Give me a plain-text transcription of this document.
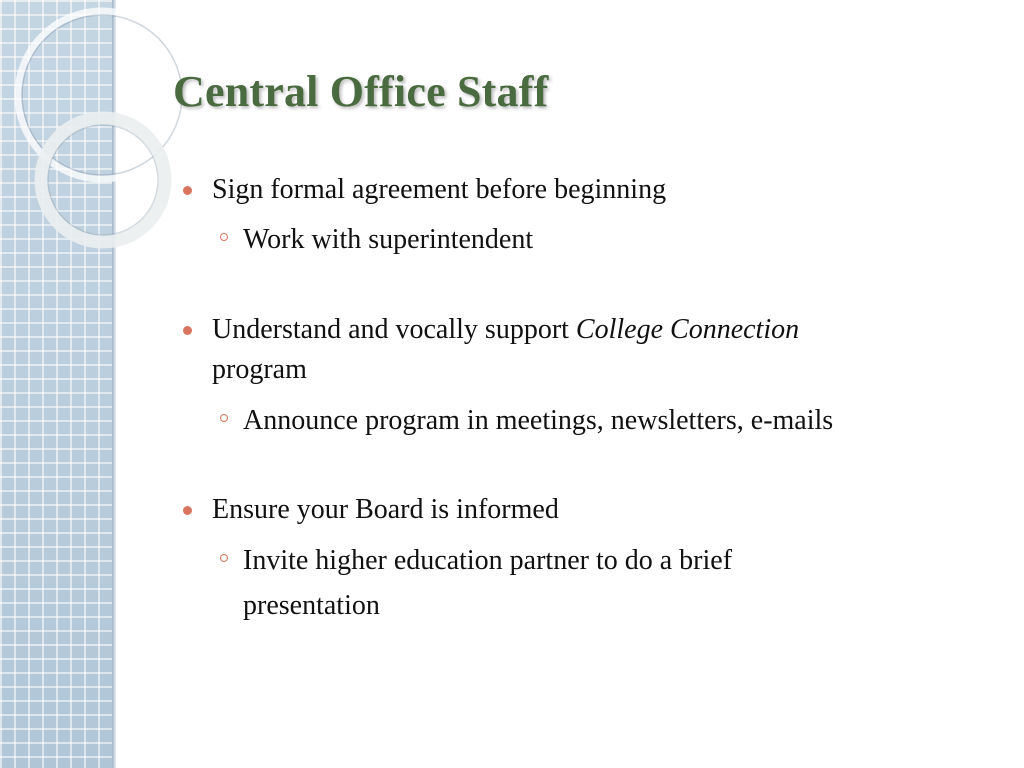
Central Office Staff
Sign formal agreement before beginning
Work with superintendent
Understand and vocally support College Connection
program
Announce program in meetings, newsletters, e-mails
Ensure your Board is informed
Invite higher education partner to do a brief
presentation
